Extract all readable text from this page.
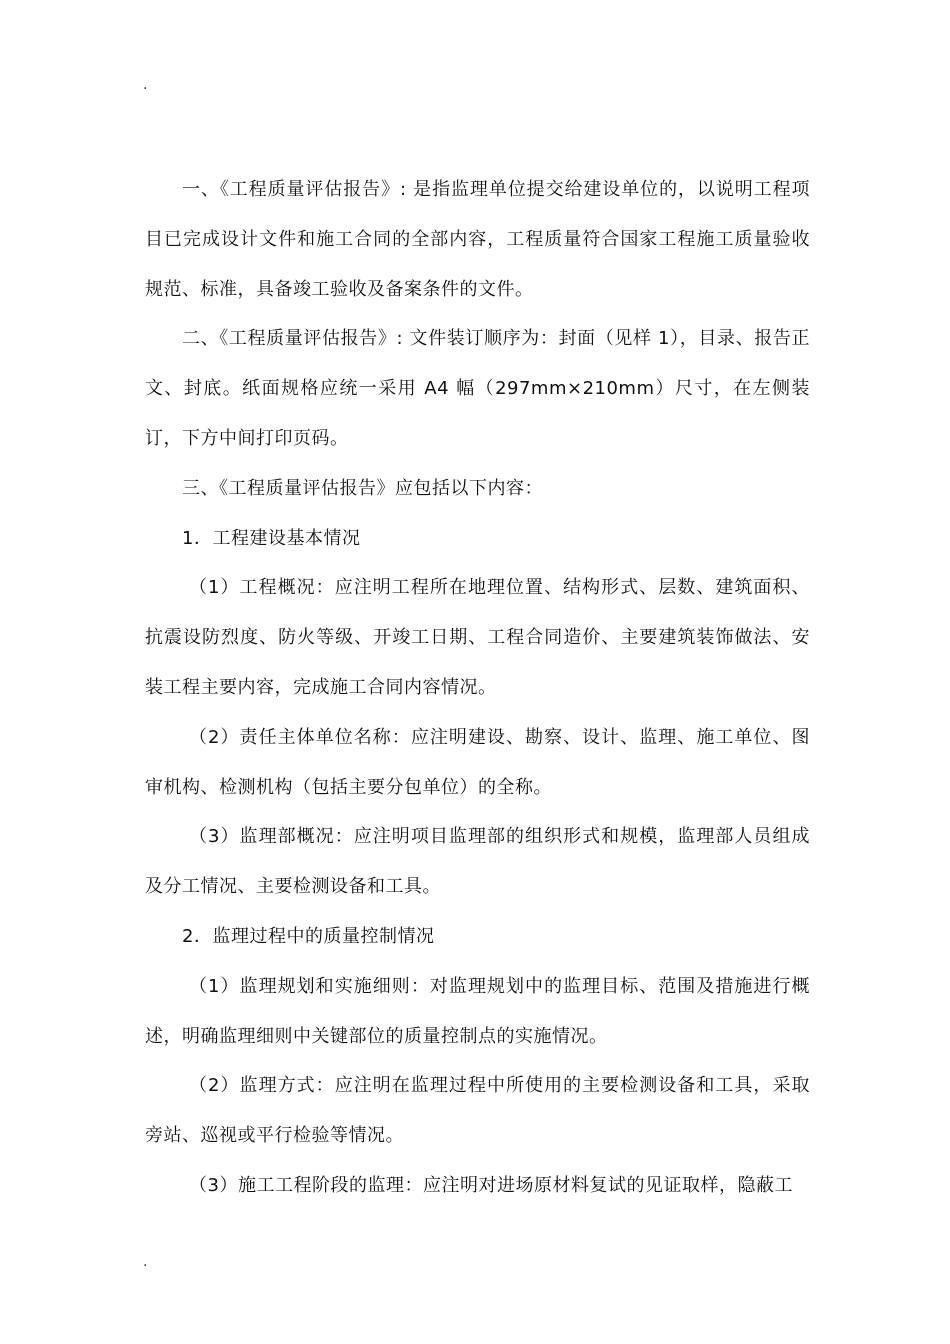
.

一、《工程质量评估报告》: 是指监理单位提交给建设单位的，以说明工程项目已完成设计文件和施工合同的全部内容，工程质量符合国家工程施工质量验收规范、标准，具备竣工验收及备案条件的文件。

二、《工程质量评估报告》: 文件装订顺序为：封面（见样 1），目录、报告正文、封底。纸面规格应统一采用 A4 幅（297mm×210mm）尺寸，在左侧装订，下方中间打印页码。

三、《工程质量评估报告》应包括以下内容：

1．工程建设基本情况

（1）工程概况：应注明工程所在地理位置、结构形式、层数、建筑面积、抗震设防烈度、防火等级、开竣工日期、工程合同造价、主要建筑装饰做法、安装工程主要内容，完成施工合同内容情况。

（2）责任主体单位名称：应注明建设、勘察、设计、监理、施工单位、图审机构、检测机构（包括主要分包单位）的全称。

（3）监理部概况：应注明项目监理部的组织形式和规模，监理部人员组成及分工情况、主要检测设备和工具。

2．监理过程中的质量控制情况

（1）监理规划和实施细则：对监理规划中的监理目标、范围及措施进行概述，明确监理细则中关键部位的质量控制点的实施情况。

（2）监理方式：应注明在监理过程中所使用的主要检测设备和工具，采取旁站、巡视或平行检验等情况。

（3）施工工程阶段的监理：应注明对进场原材料复试的见证取样，隐蔽工

.
